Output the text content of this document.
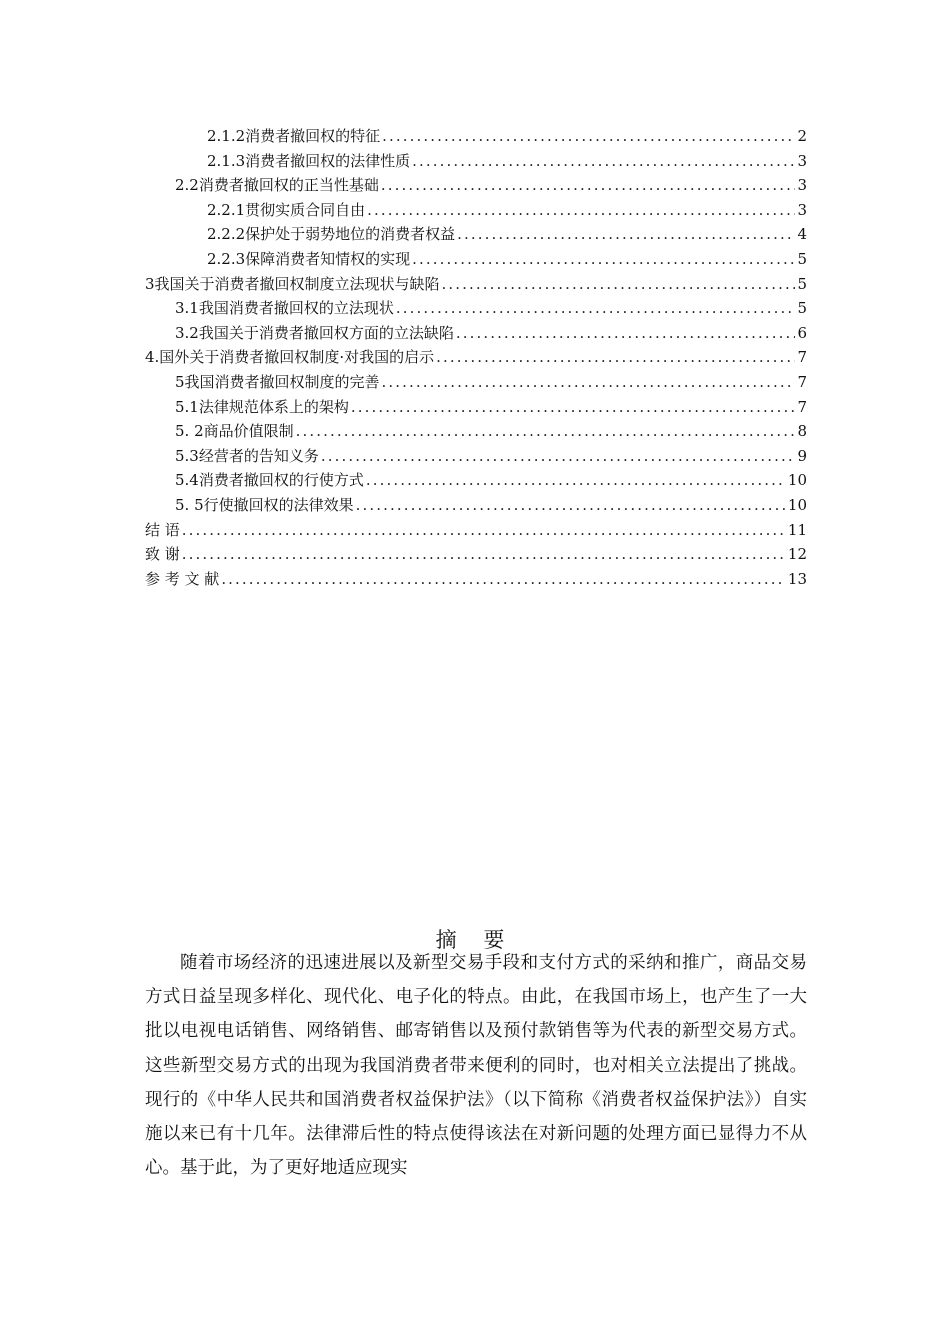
2.1.2消费者撤回权的特征 .....	2
2.1.3消费者撤回权的法律性质 .....	3
2.2消费者撤回权的正当性基础 .....	3
2.2.1贯彻实质合同自由 .....	3
2.2.2保护处于弱势地位的消费者权益 .....	4
2.2.3保障消费者知情权的实现 .....	5
3我国关于消费者撤回权制度立法现状与缺陷 .....	5
3.1我国消费者撤回权的立法现状 .....	5
3.2我国关于消费者撤回权方面的立法缺陷 .....	6
4.国外关于消费者撤回权制度·对我国的启示 .....	7
5我国消费者撤回权制度的完善 .....	7
5.1法律规范体系上的架构 .....	7
5. 2商品价值限制 .....	8
5.3经营者的告知义务 .....	9
5.4消费者撤回权的行使方式 .....	10
5. 5行使撤回权的法律效果 .....	10
结 语 .....	11
致 谢 .....	12
参 考 文 献 .....	13
摘 要

随着市场经济的迅速进展以及新型交易手段和支付方式的采纳和推广，商品交易方式日益呈现多样化、现代化、电子化的特点。由此，在我国市场上，也产生了一大批以电视电话销售、网络销售、邮寄销售以及预付款销售等为代表的新型交易方式。这些新型交易方式的出现为我国消费者带来便利的同时，也对相关立法提出了挑战。现行的《中华人民共和国消费者权益保护法》（以下简称《消费者权益保护法》）自实施以来已有十几年。法律滞后性的特点使得该法在对新问题的处理方面已显得力不从心。基于此，为了更好地适应现实
